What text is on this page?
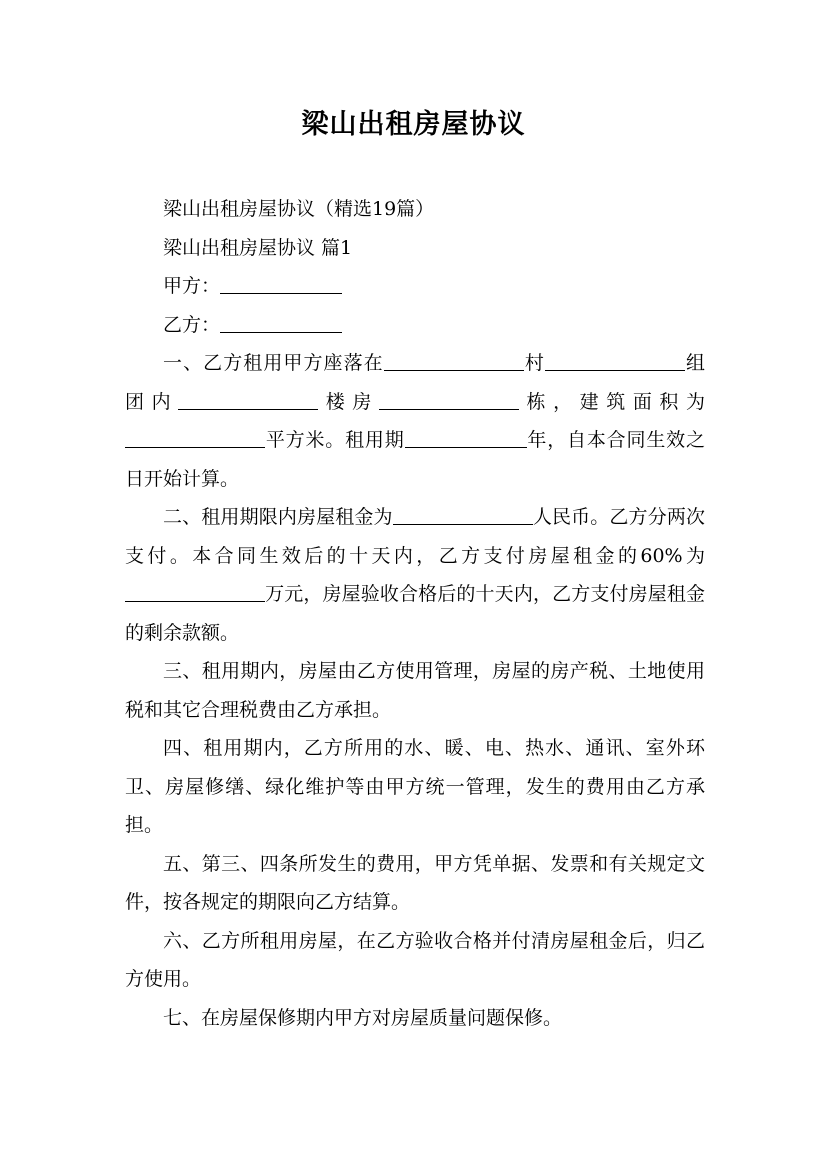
梁山出租房屋协议

梁山出租房屋协议（精选19篇）

梁山出租房屋协议 篇1

甲方：

乙方：

一、乙方租用甲方座落在	村	组团内	楼房	栋，建筑面积为平方米。租用期	年，自本合同生效之日开始计算。

二、租用期限内房屋租金为	人民币。乙方分两次支付。本合同生效后的十天内，乙方支付房屋租金的60%为万元，房屋验收合格后的十天内，乙方支付房屋租金的剩余款额。

三、租用期内，房屋由乙方使用管理，房屋的房产税、土地使用税和其它合理税费由乙方承担。

四、租用期内，乙方所用的水、暖、电、热水、通讯、室外环卫、房屋修缮、绿化维护等由甲方统一管理，发生的费用由乙方承担。

五、第三、四条所发生的费用，甲方凭单据、发票和有关规定文件，按各规定的期限向乙方结算。

六、乙方所租用房屋，在乙方验收合格并付清房屋租金后，归乙方使用。

七、在房屋保修期内甲方对房屋质量问题保修。
